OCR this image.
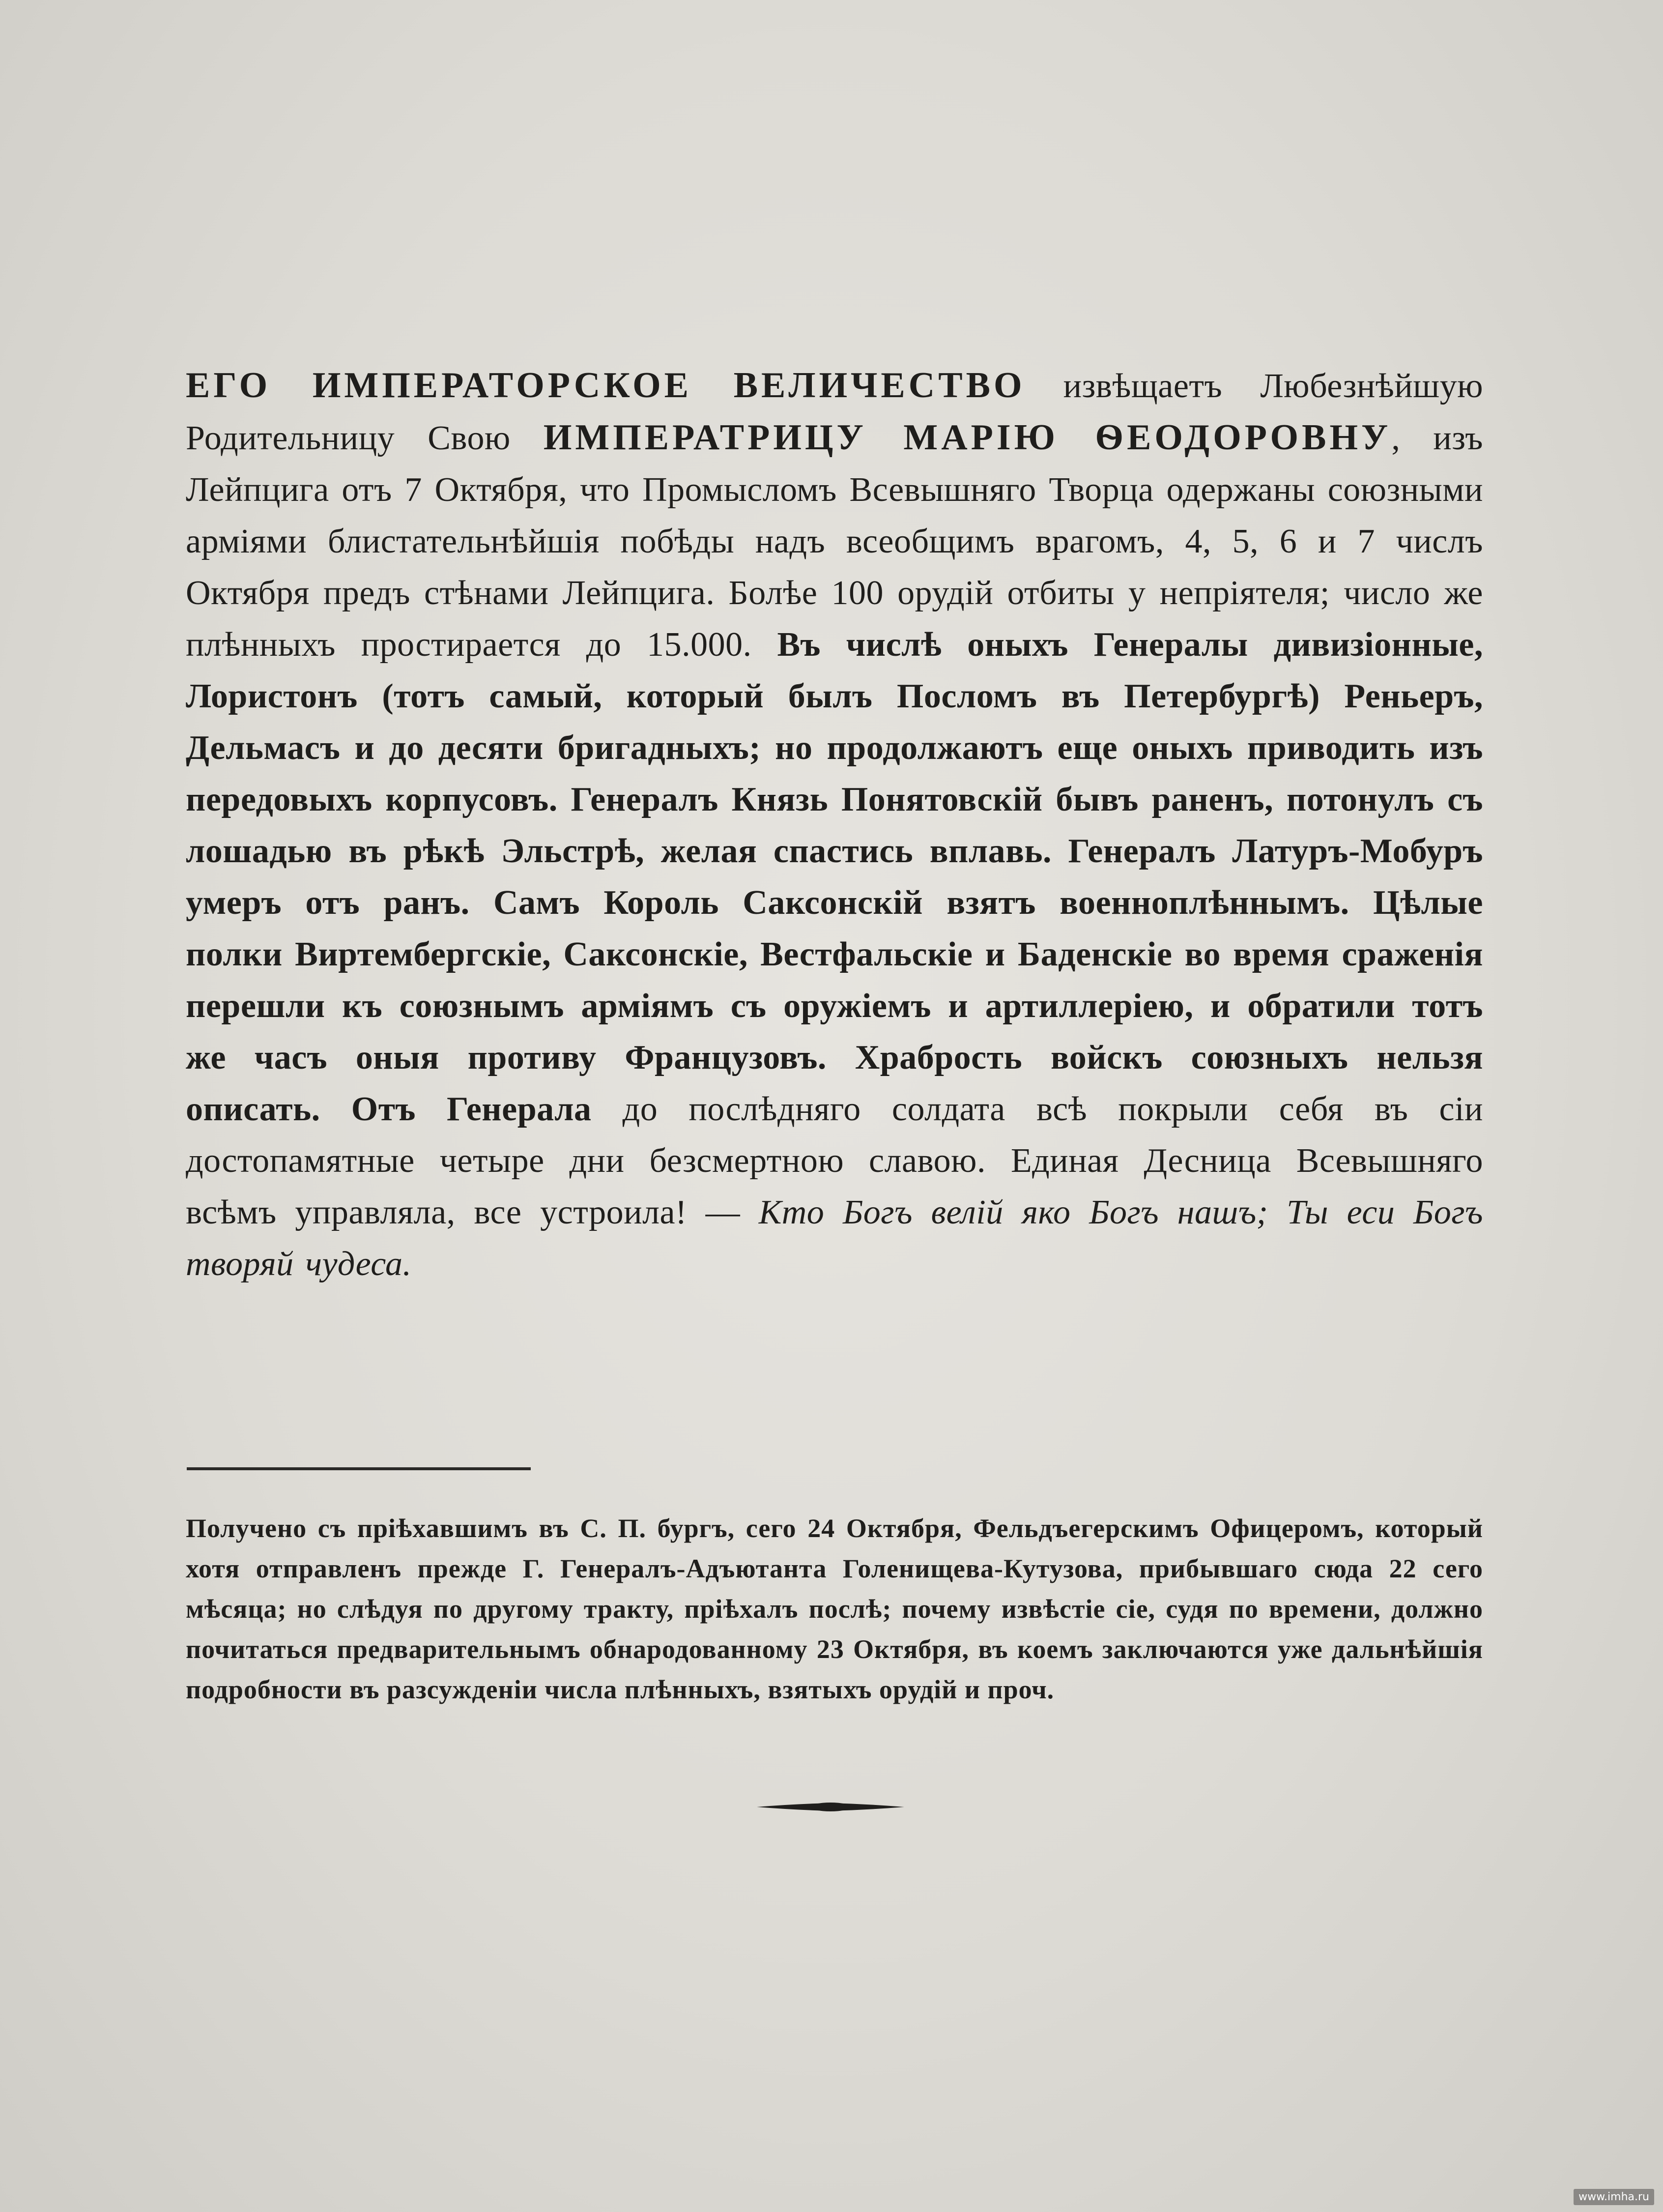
ЕГО ИМПЕРАТОРСКОЕ ВЕЛИЧЕСТВО извѣщаетъ Любезнѣйшую Родительницу Свою ИМПЕРАТРИЦУ МАРІЮ ѲЕОДОРОВНУ, изъ Лейпцига отъ 7 Октября, что Промысломъ Всевышняго Творца одержаны союзными арміями блистательнѣйшія побѣды надъ всеобщимъ врагомъ, 4, 5, 6 и 7 числъ Октября предъ стѣнами Лейпцига. Болѣе 100 орудій отбиты у непріятеля; число же плѣнныхъ простирается до 15.000. Въ числѣ оныхъ Генералы дивизіонные, Лористонъ (тотъ самый, который былъ Посломъ въ Петербургѣ) Реньеръ, Дельмасъ и до десяти бригадныхъ; но продолжаютъ еще оныхъ приводить изъ передовыхъ корпусовъ. Генералъ Князь Понятовскій бывъ раненъ, потонулъ съ лошадью въ рѣкѣ Эльстрѣ, желая спастись вплавь. Генералъ Латуръ-Мобуръ умеръ отъ ранъ. Самъ Король Саксонскій взятъ военноплѣннымъ. Цѣлые полки Виртембергскіе, Саксонскіе, Вестфальскіе и Баденскіе во время сраженія перешли къ союзнымъ арміямъ съ оружіемъ и артиллеріею, и обратили тотъ же часъ оныя противу Французовъ. Храбрость войскъ союзныхъ нельзя описать. Отъ Генерала до послѣдняго солдата всѣ покрыли себя въ сіи достопамятные четыре дни безсмертною славою. Единая Десница Всевышняго всѣмъ управляла, все устроила! — Кто Богъ велій яко Богъ нашъ; Ты еси Богъ творяй чудеса.

Получено съ пріѣхавшимъ въ С. П. бургъ, сего 24 Октября, Фельдъегерскимъ Офицеромъ, который хотя отправленъ прежде Г. Генералъ-Адъютанта Голенищева-Кутузова, прибывшаго сюда 22 сего мѣсяца; но слѣдуя по другому тракту, пріѣхалъ послѣ; почему извѣстіе сіе, судя по времени, должно почитаться предварительнымъ обнародованному 23 Октября, въ коемъ заключаются уже дальнѣйшія подробности въ разсужденіи числа плѣнныхъ, взятыхъ орудій и проч.

www.imha.ru
